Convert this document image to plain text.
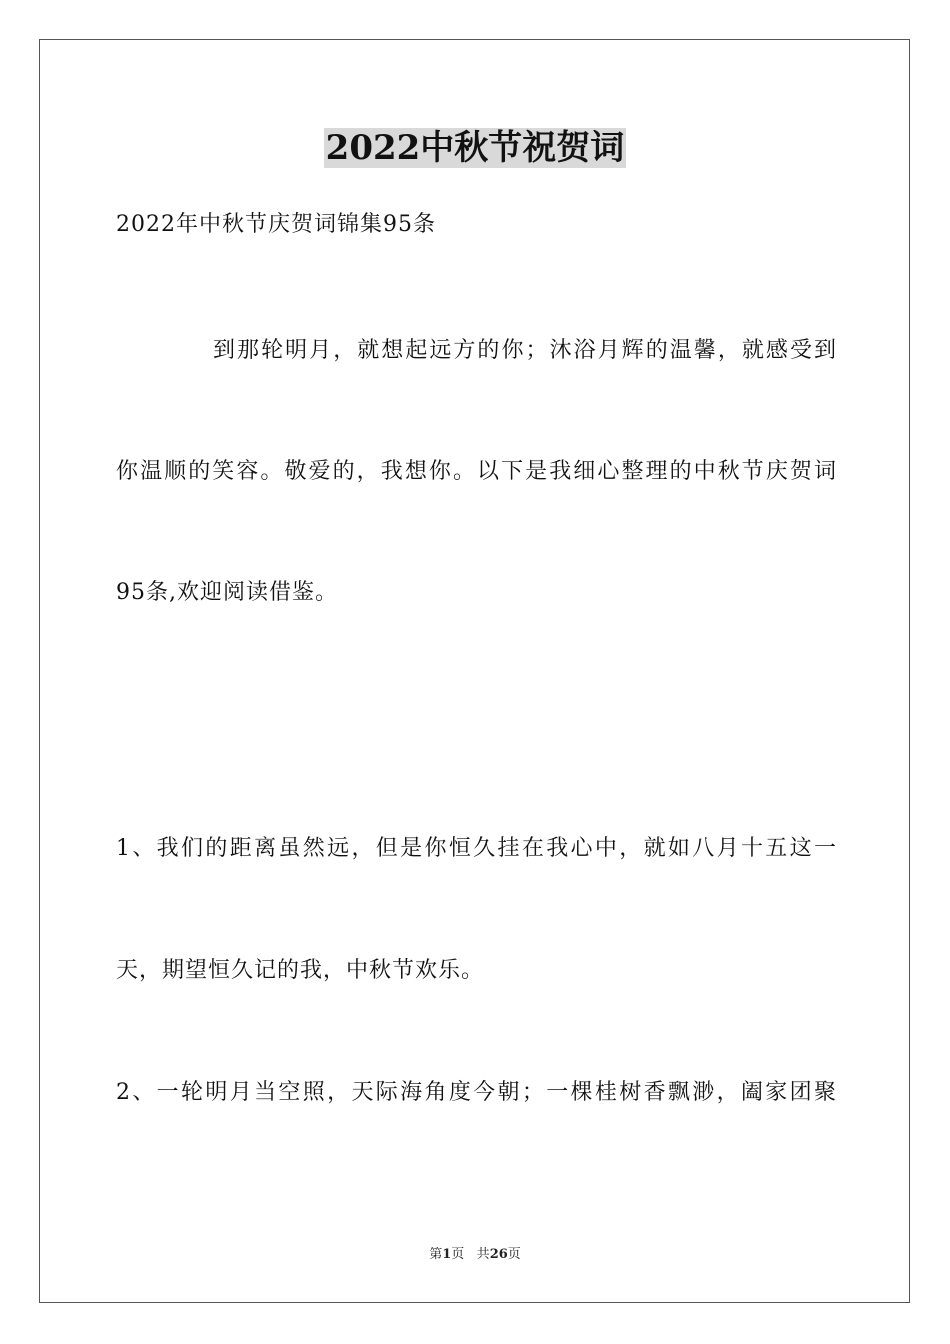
2022中秋节祝贺词
2022年中秋节庆贺词锦集95条
到那轮明月，就想起远方的你；沐浴月辉的温馨，就感受到
你温顺的笑容。敬爱的，我想你。以下是我细心整理的中秋节庆贺词
95条,欢迎阅读借鉴。
1、我们的距离虽然远，但是你恒久挂在我心中，就如八月十五这一
天，期望恒久记的我，中秋节欢乐。
2、一轮明月当空照，天际海角度今朝；一棵桂树香飘渺，阖家团聚
第1页 共26页
